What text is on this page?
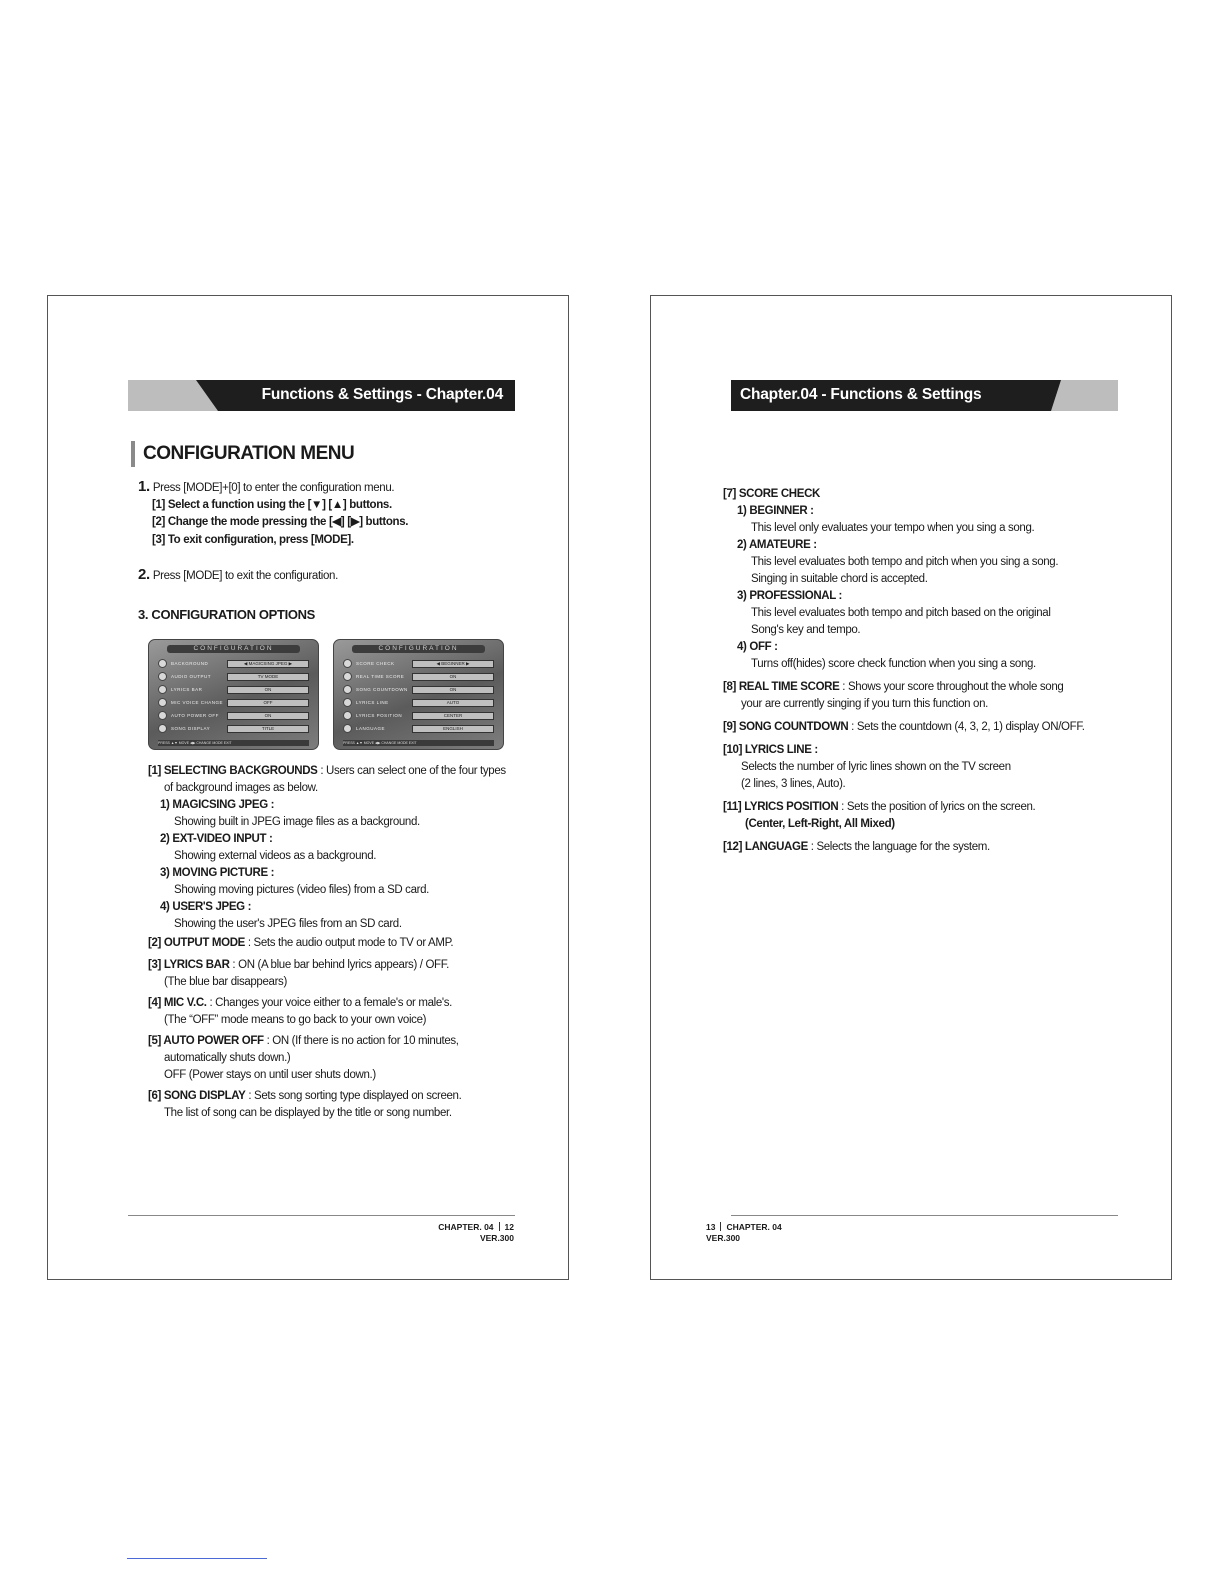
Functions & Settings - Chapter.04
CONFIGURATION MENU
1. Press [MODE]+[0] to enter the configuration menu.
[1] Select a function using the [▼] [▲] buttons.
[2] Change the mode pressing the [◀] [▶] buttons.
[3] To exit configuration, press [MODE].
2. Press [MODE] to exit the configuration.
3. CONFIGURATION OPTIONS
CONFIGURATION
BACKGROUND	◀ MAGICSING JPEG ▶
AUDIO OUTPUT	TV MODE
LYRICS BAR	ON
MIC VOICE CHANGE	OFF
AUTO POWER OFF	ON
SONG DISPLAY	TITLE
PRESS ▲▼ MOVE ◀▶ CHANGE MODE EXIT
CONFIGURATION
SCORE CHECK	◀ BEGINNER ▶
REAL TIME SCORE	ON
SONG COUNTDOWN	ON
LYRICS LINE	AUTO
LYRICS POSITION	CENTER
LANGUAGE	ENGLISH
PRESS ▲▼ MOVE ◀▶ CHANGE MODE EXIT
[1] SELECTING BACKGROUNDS : Users can select one of the four types
of background images as below.
1) MAGICSING JPEG :
Showing built in JPEG image files as a background.
2) EXT-VIDEO INPUT :
Showing external videos as a background.
3) MOVING PICTURE :
Showing moving pictures (video files) from a SD card.
4) USER'S JPEG :
Showing the user's JPEG files from an SD card.
[2] OUTPUT MODE : Sets the audio output mode to TV or AMP.
[3] LYRICS BAR : ON (A blue bar behind lyrics appears) / OFF.
(The blue bar disappears)
[4] MIC V.C. : Changes your voice either to a female's or male's.
(The “OFF” mode means to go back to your own voice)
[5] AUTO POWER OFF : ON (If there is no action for 10 minutes,
automatically shuts down.)
OFF (Power stays on until user shuts down.)
[6] SONG DISPLAY : Sets song sorting type displayed on screen.
The list of song can be displayed by the title or song number.
CHAPTER. 04 12
VER.300
Chapter.04 - Functions & Settings
[7] SCORE CHECK
1) BEGINNER :
This level only evaluates your tempo when you sing a song.
2) AMATEURE :
This level evaluates both tempo and pitch when you sing a song.
Singing in suitable chord is accepted.
3) PROFESSIONAL :
This level evaluates both tempo and pitch based on the original
Song's key and tempo.
4) OFF :
Turns off(hides) score check function when you sing a song.
[8] REAL TIME SCORE : Shows your score throughout the whole song
your are currently singing if you turn this function on.
[9] SONG COUNTDOWN : Sets the countdown (4, 3, 2, 1) display ON/OFF.
[10] LYRICS LINE :
Selects the number of lyric lines shown on the TV screen
(2 lines, 3 lines, Auto).
[11] LYRICS POSITION : Sets the position of lyrics on the screen.
(Center, Left-Right, All Mixed)
[12] LANGUAGE : Selects the language for the system.
13 CHAPTER. 04
VER.300
